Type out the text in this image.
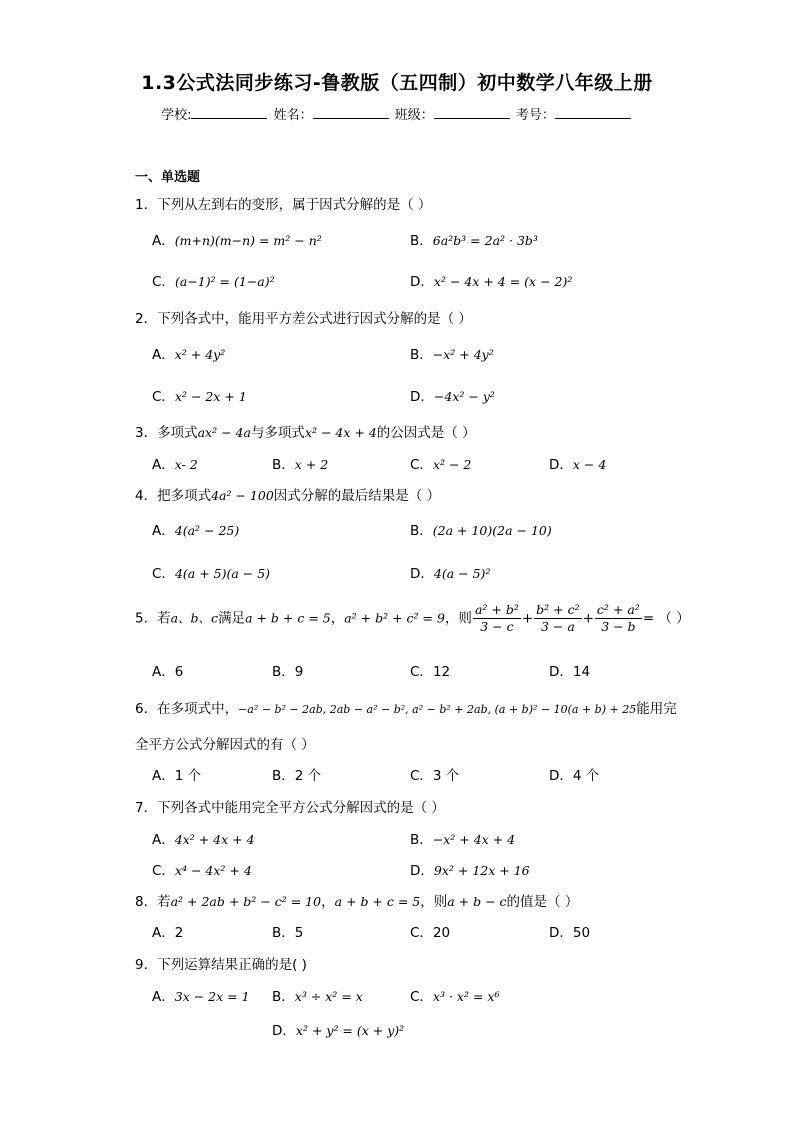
1.3公式法同步练习-鲁教版（五四制）初中数学八年级上册
学校:	姓名：	班级：	考号：
一、单选题
1．下列从左到右的变形，属于因式分解的是（ ）
A．(m+n)(m−n) = m² − n²	B．6a²b³ = 2a² · 3b³
C．(a−1)² = (1−a)²	D．x² − 4x + 4 = (x − 2)²
2．下列各式中，能用平方差公式进行因式分解的是（ ）
A．x² + 4y²	B．−x² + 4y²
C．x² − 2x + 1	D．−4x² − y²
3．多项式ax² − 4a与多项式x² − 4x + 4的公因式是（ ）
A．x- 2	B．x + 2	C．x² − 2	D．x − 4
4．把多项式4a² − 100因式分解的最后结果是（ ）
A．4(a² − 25)	B．(2a + 10)(2a − 10)
C．4(a + 5)(a − 5)	D．4(a − 5)²
5．若a、b、c满足a + b + c = 5，a² + b² + c² = 9，则 $\frac{\text{a² + b²}}{3 - c} + \frac{\text{b² + c²}}{3 - a} + \frac{\text{c² + a²}}{3 - b}$ = （ ）
A．6	B．9	C．12	D．14
6．在多项式中，−a² − b² − 2ab, 2ab − a² − b², a² − b² + 2ab, (a + b)² − 10(a + b) + 25能用完
全平方公式分解因式的有（ ）
A．1 个	B．2 个	C．3 个	D．4 个
7．下列各式中能用完全平方公式分解因式的是（ ）
A．4x² + 4x + 4	B．−x² + 4x + 4
C．x⁴ − 4x² + 4	D．9x² + 12x + 16
8．若a² + 2ab + b² − c² = 10，a + b + c = 5，则a + b − c的值是（ ）
A．2	B．5	C．20	D．50
9．下列运算结果正确的是( )
A．3x − 2x = 1 B．x³ ÷ x² = x	C．x³ · x² = x⁶
D．x² + y² = (x + y)²
